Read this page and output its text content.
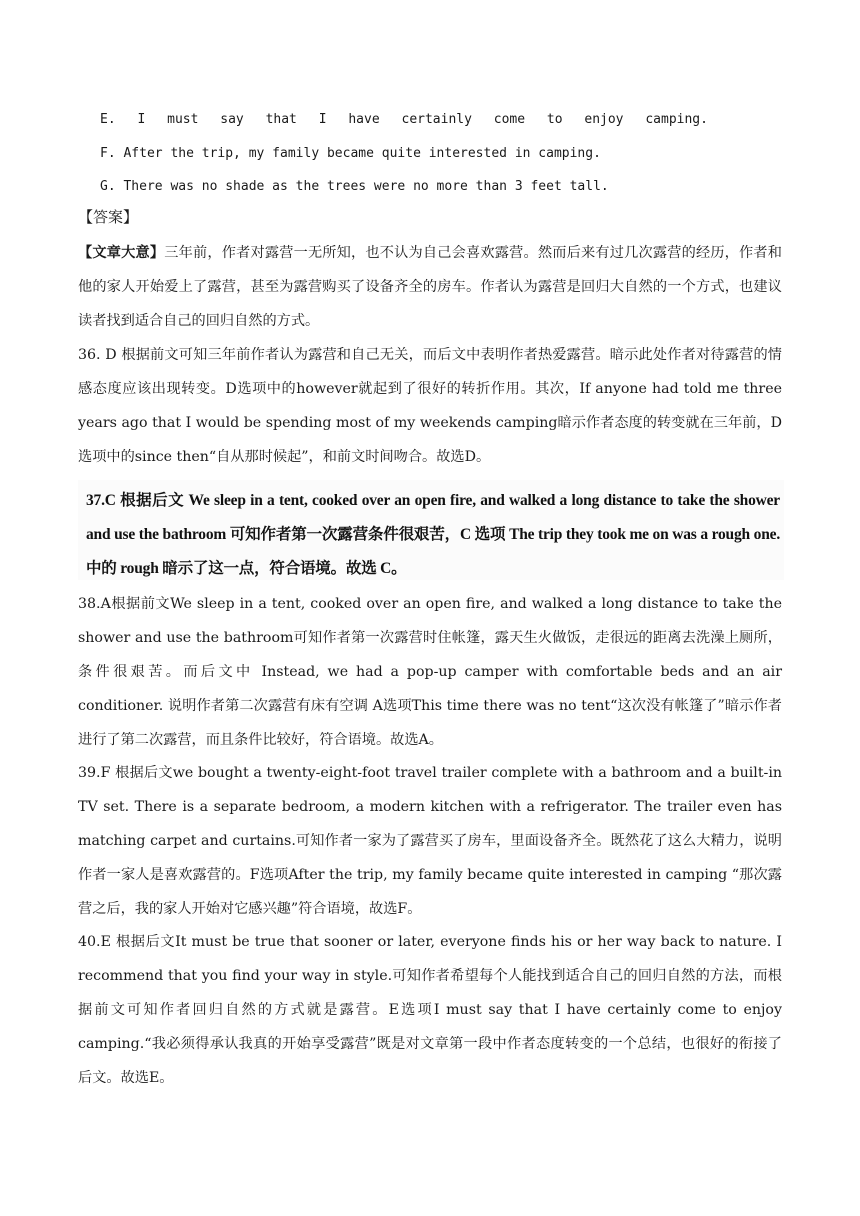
E. I must say that I have certainly come to enjoy camping.
F. After the trip, my family became quite interested in camping.
G. There was no shade as the trees were no more than 3 feet tall.
【答案】

【文章大意】三年前，作者对露营一无所知，也不认为自己会喜欢露营。然而后来有过几次露营的经历，作者和他的家人开始爱上了露营，甚至为露营购买了设备齐全的房车。作者认为露营是回归大自然的一个方式，也建议读者找到适合自己的回归自然的方式。

36. D 根据前文可知三年前作者认为露营和自己无关，而后文中表明作者热爱露营。暗示此处作者对待露营的情感态度应该出现转变。D选项中的however就起到了很好的转折作用。其次，If anyone had told me three years ago that I would be spending most of my weekends camping暗示作者态度的转变就在三年前，D选项中的since then“自从那时候起”，和前文时间吻合。故选D。

37.C 根据后文 We sleep in a tent, cooked over an open fire, and walked a long distance to take the shower and use the bathroom 可知作者第一次露营条件很艰苦，C 选项 The trip they took me on was a rough one.中的 rough 暗示了这一点，符合语境。故选 C。

38.A根据前文We sleep in a tent, cooked over an open fire, and walked a long distance to take the shower and use the bathroom可知作者第一次露营时住帐篷，露天生火做饭，走很远的距离去洗澡上厕所，条件很艰苦。而后文中 Instead, we had a pop-up camper with comfortable beds and an air conditioner. 说明作者第二次露营有床有空调 A选项This time there was no tent“这次没有帐篷了”暗示作者进行了第二次露营，而且条件比较好，符合语境。故选A。

39.F 根据后文we bought a twenty-eight-foot travel trailer complete with a bathroom and a built-in TV set. There is a separate bedroom, a modern kitchen with a refrigerator. The trailer even has matching carpet and curtains.可知作者一家为了露营买了房车，里面设备齐全。既然花了这么大精力，说明作者一家人是喜欢露营的。F选项After the trip, my family became quite interested in camping “那次露营之后，我的家人开始对它感兴趣”符合语境，故选F。

40.E 根据后文It must be true that sooner or later, everyone finds his or her way back to nature. I recommend that you find your way in style.可知作者希望每个人能找到适合自己的回归自然的方法，而根据前文可知作者回归自然的方式就是露营。E选项I must say that I have certainly come to enjoy camping.“我必须得承认我真的开始享受露营”既是对文章第一段中作者态度转变的一个总结，也很好的衔接了后文。故选E。
